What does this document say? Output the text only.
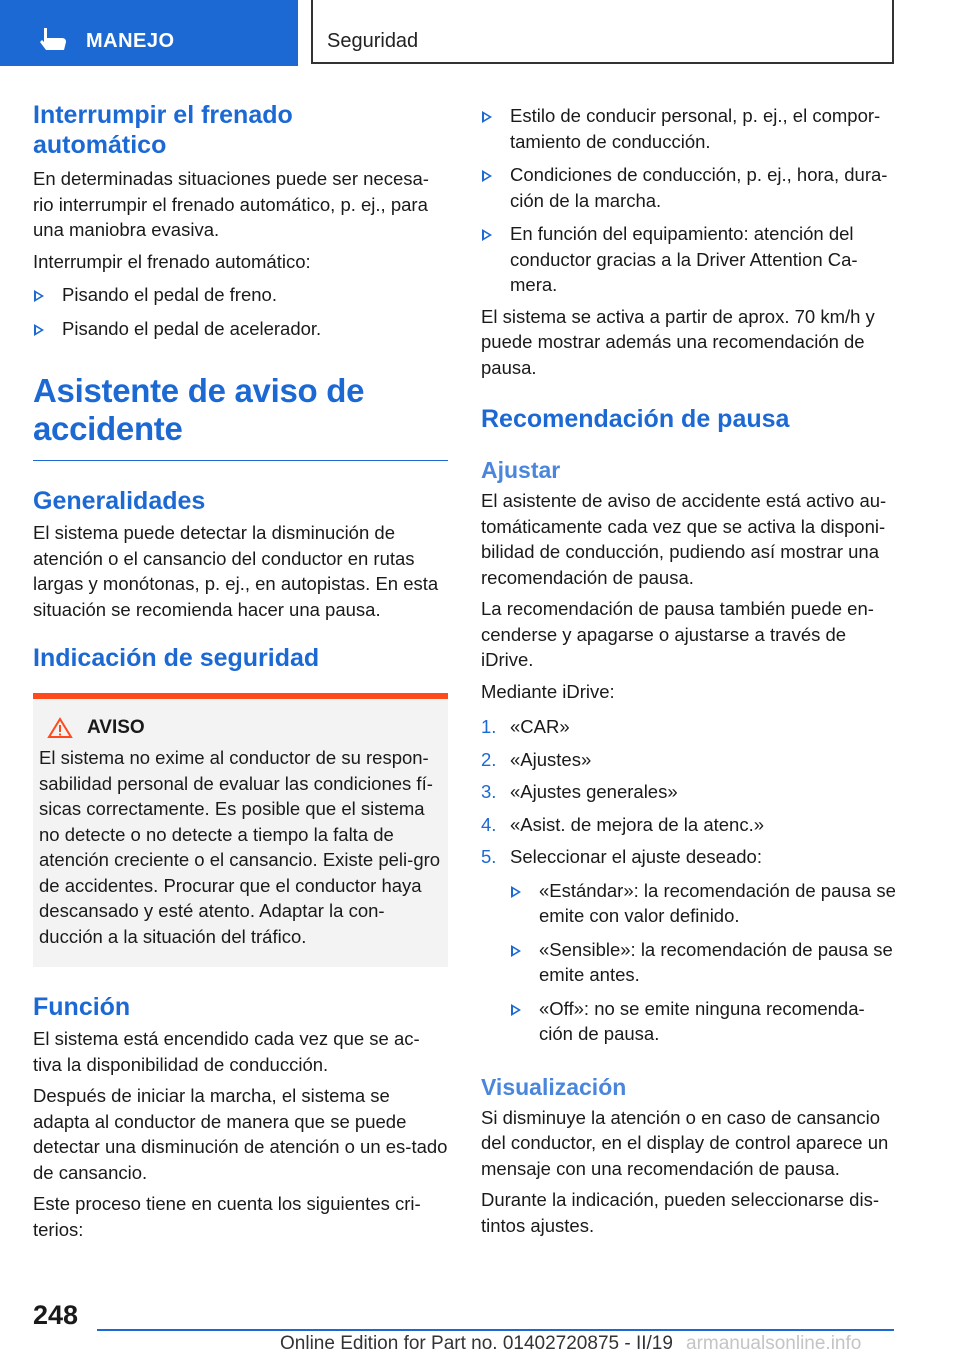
MANEJO	Seguridad
Interrumpir el frenado automático

En determinadas situaciones puede ser necesa-rio interrumpir el frenado automático, p. ej., para una maniobra evasiva.

Interrumpir el frenado automático:

Pisando el pedal de freno.
Pisando el pedal de acelerador.
Asistente de aviso de accidente
Generalidades

El sistema puede detectar la disminución de atención o el cansancio del conductor en rutas largas y monótonas, p. ej., en autopistas. En esta situación se recomienda hacer una pausa.

Indicación de seguridad
AVISO

El sistema no exime al conductor de su respon-sabilidad personal de evaluar las condiciones fí-sicas correctamente. Es posible que el sistema no detecte o no detecte a tiempo la falta de atención creciente o el cansancio. Existe peli-gro de accidentes. Procurar que el conductor haya descansado y esté atento. Adaptar la con-ducción a la situación del tráfico.

Función

El sistema está encendido cada vez que se ac-tiva la disponibilidad de conducción.

Después de iniciar la marcha, el sistema se adapta al conductor de manera que se puede detectar una disminución de atención o un es-tado de cansancio.

Este proceso tiene en cuenta los siguientes cri-terios:

Estilo de conducir personal, p. ej., el compor-tamiento de conducción.
Condiciones de conducción, p. ej., hora, dura-ción de la marcha.
En función del equipamiento: atención del conductor gracias a la Driver Attention Ca-mera.

El sistema se activa a partir de aprox. 70 km/h y puede mostrar además una recomendación de pausa.

Recomendación de pausa
Ajustar

El asistente de aviso de accidente está activo au-tomáticamente cada vez que se activa la disponi-bilidad de conducción, pudiendo así mostrar una recomendación de pausa.

La recomendación de pausa también puede en-cenderse y apagarse o ajustarse a través de iDrive.

Mediante iDrive:

1. «CAR»
2. «Ajustes»
3. «Ajustes generales»
4. «Asist. de mejora de la atenc.»
5. Seleccionar el ajuste deseado:
«Estándar»: la recomendación de pausa se emite con valor definido.
«Sensible»: la recomendación de pausa se emite antes.
«Off»: no se emite ninguna recomenda-ción de pausa.
Visualización

Si disminuye la atención o en caso de cansancio del conductor, en el display de control aparece un mensaje con una recomendación de pausa.

Durante la indicación, pueden seleccionarse dis-tintos ajustes.

248
Online Edition for Part no. 01402720875 - II/19 armanualsonline.info
